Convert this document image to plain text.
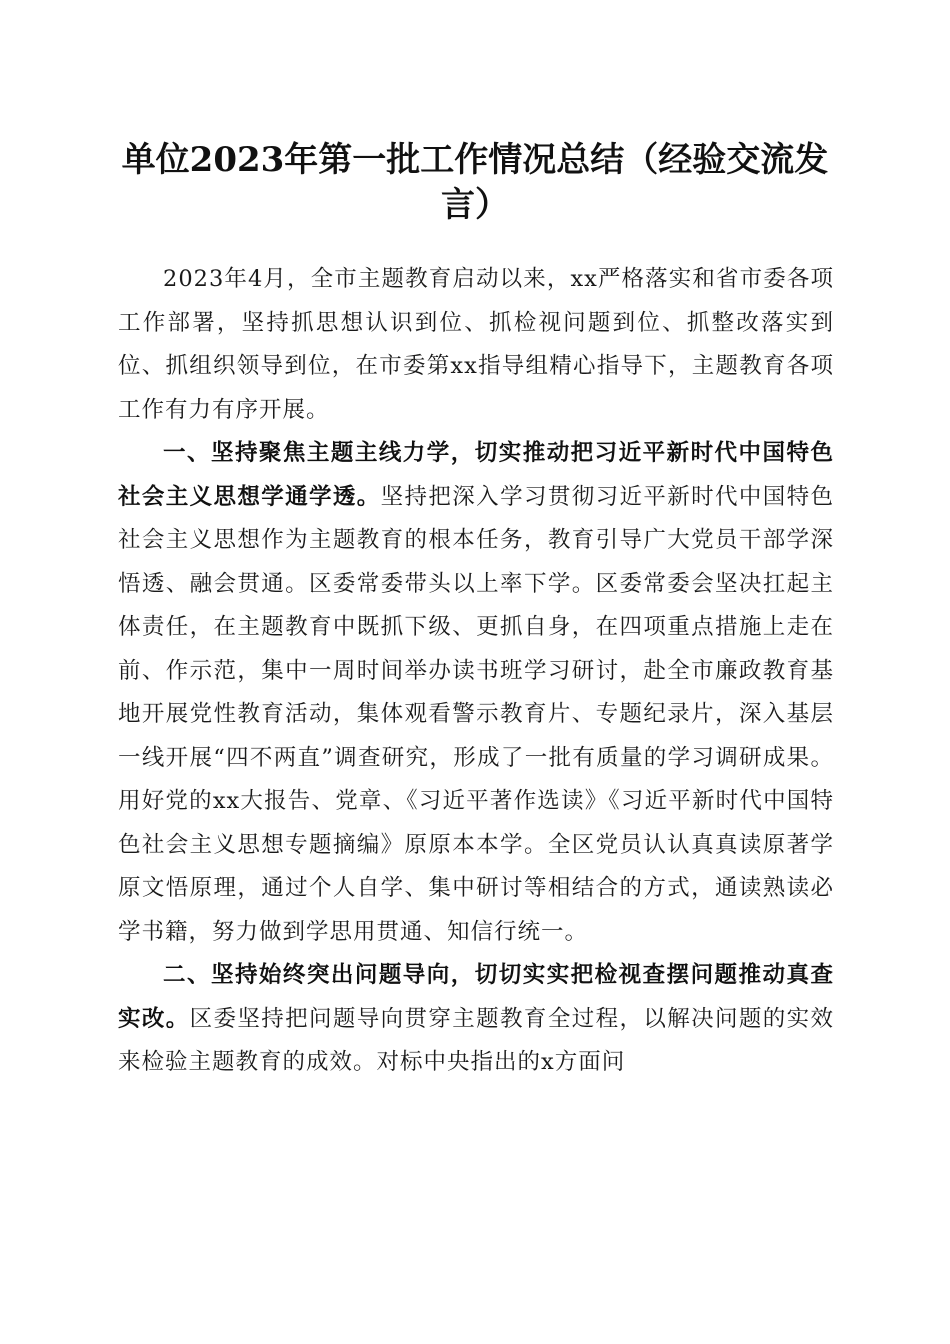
单位2023年第一批工作情况总结（经验交流发言）

2023年4月，全市主题教育启动以来，xx严格落实和省市委各项工作部署，坚持抓思想认识到位、抓检视问题到位、抓整改落实到位、抓组织领导到位，在市委第xx指导组精心指导下，主题教育各项工作有力有序开展。

一、坚持聚焦主题主线力学，切实推动把习近平新时代中国特色社会主义思想学通学透。坚持把深入学习贯彻习近平新时代中国特色社会主义思想作为主题教育的根本任务，教育引导广大党员干部学深悟透、融会贯通。区委常委带头以上率下学。区委常委会坚决扛起主体责任，在主题教育中既抓下级、更抓自身，在四项重点措施上走在前、作示范，集中一周时间举办读书班学习研讨，赴全市廉政教育基地开展党性教育活动，集体观看警示教育片、专题纪录片，深入基层一线开展“四不两直”调查研究，形成了一批有质量的学习调研成果。用好党的xx大报告、党章、《习近平著作选读》《习近平新时代中国特色社会主义思想专题摘编》原原本本学。全区党员认认真真读原著学原文悟原理，通过个人自学、集中研讨等相结合的方式，通读熟读必学书籍，努力做到学思用贯通、知信行统一。

二、坚持始终突出问题导向，切切实实把检视查摆问题推动真查实改。区委坚持把问题导向贯穿主题教育全过程，以解决问题的实效来检验主题教育的成效。对标中央指出的x方面问
